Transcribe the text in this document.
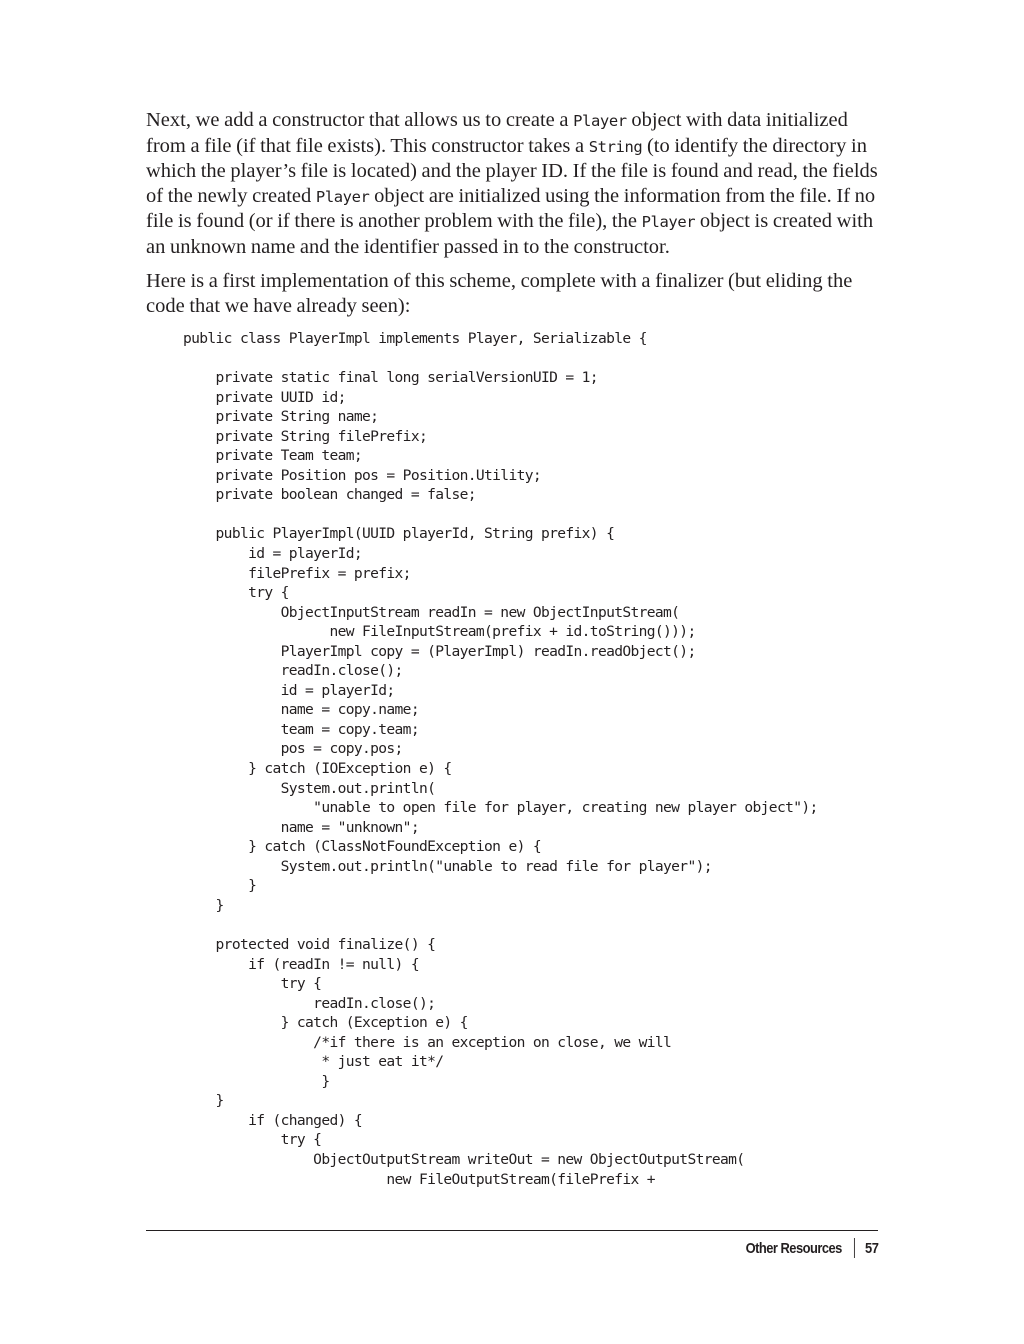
Next, we add a constructor that allows us to create a Player object with data initialized from a file (if that file exists). This constructor takes a String (to identify the directory in which the player’s file is located) and the player ID. If the file is found and read, the fields of the newly created Player object are initialized using the information from the file. If no file is found (or if there is another problem with the file), the Player object is created with an unknown name and the identifier passed in to the constructor.

Here is a first implementation of this scheme, complete with a finalizer (but eliding the code that we have already seen):

public class PlayerImpl implements Player, Serializable {
private static final long serialVersionUID = 1;
private UUID id;
private String name;
private String filePrefix;
private Team team;
private Position pos = Position.Utility;
private boolean changed = false;
public PlayerImpl(UUID playerId, String prefix) {
id = playerId;
filePrefix = prefix;
try {
ObjectInputStream readIn = new ObjectInputStream(
new FileInputStream(prefix + id.toString()));
PlayerImpl copy = (PlayerImpl) readIn.readObject();
readIn.close();
id = playerId;
name = copy.name;
team = copy.team;
pos = copy.pos;
} catch (IOException e) {
System.out.println(
"unable to open file for player, creating new player object");
name = "unknown";
} catch (ClassNotFoundException e) {
System.out.println("unable to read file for player");
}
}
protected void finalize() {
if (readIn != null) {
try {
readIn.close();
} catch (Exception e) {
/*if there is an exception on close, we will
* just eat it*/
}
}
if (changed) {
try {
ObjectOutputStream writeOut = new ObjectOutputStream(
new FileOutputStream(filePrefix +
Other Resources 57
